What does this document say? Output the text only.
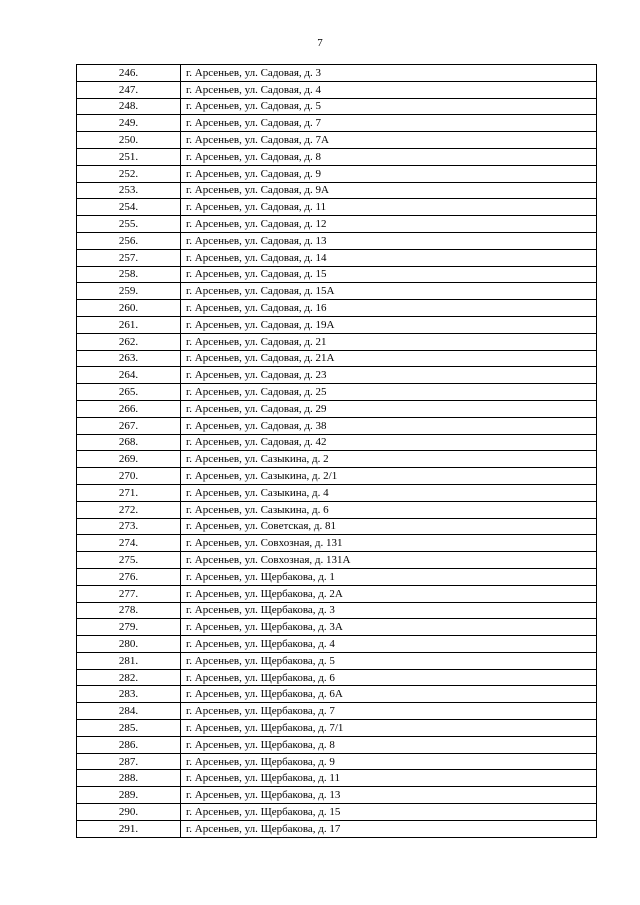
7
246.	г. Арсеньев, ул. Садовая, д. 3
247.	г. Арсеньев, ул. Садовая, д. 4
248.	г. Арсеньев, ул. Садовая, д. 5
249.	г. Арсеньев, ул. Садовая, д. 7
250.	г. Арсеньев, ул. Садовая, д. 7А
251.	г. Арсеньев, ул. Садовая, д. 8
252.	г. Арсеньев, ул. Садовая, д. 9
253.	г. Арсеньев, ул. Садовая, д. 9А
254.	г. Арсеньев, ул. Садовая, д. 11
255.	г. Арсеньев, ул. Садовая, д. 12
256.	г. Арсеньев, ул. Садовая, д. 13
257.	г. Арсеньев, ул. Садовая, д. 14
258.	г. Арсеньев, ул. Садовая, д. 15
259.	г. Арсеньев, ул. Садовая, д. 15А
260.	г. Арсеньев, ул. Садовая, д. 16
261.	г. Арсеньев, ул. Садовая, д. 19А
262.	г. Арсеньев, ул. Садовая, д. 21
263.	г. Арсеньев, ул. Садовая, д. 21А
264.	г. Арсеньев, ул. Садовая, д. 23
265.	г. Арсеньев, ул. Садовая, д. 25
266.	г. Арсеньев, ул. Садовая, д. 29
267.	г. Арсеньев, ул. Садовая, д. 38
268.	г. Арсеньев, ул. Садовая, д. 42
269.	г. Арсеньев, ул. Сазыкина, д. 2
270.	г. Арсеньев, ул. Сазыкина, д. 2/1
271.	г. Арсеньев, ул. Сазыкина, д. 4
272.	г. Арсеньев, ул. Сазыкина, д. 6
273.	г. Арсеньев, ул. Советская, д. 81
274.	г. Арсеньев, ул. Совхозная, д. 131
275.	г. Арсеньев, ул. Совхозная, д. 131А
276.	г. Арсеньев, ул. Щербакова, д. 1
277.	г. Арсеньев, ул. Щербакова, д. 2А
278.	г. Арсеньев, ул. Щербакова, д. 3
279.	г. Арсеньев, ул. Щербакова, д. 3А
280.	г. Арсеньев, ул. Щербакова, д. 4
281.	г. Арсеньев, ул. Щербакова, д. 5
282.	г. Арсеньев, ул. Щербакова, д. 6
283.	г. Арсеньев, ул. Щербакова, д. 6А
284.	г. Арсеньев, ул. Щербакова, д. 7
285.	г. Арсеньев, ул. Щербакова, д. 7/1
286.	г. Арсеньев, ул. Щербакова, д. 8
287.	г. Арсеньев, ул. Щербакова, д. 9
288.	г. Арсеньев, ул. Щербакова, д. 11
289.	г. Арсеньев, ул. Щербакова, д. 13
290.	г. Арсеньев, ул. Щербакова, д. 15
291.	г. Арсеньев, ул. Щербакова, д. 17
